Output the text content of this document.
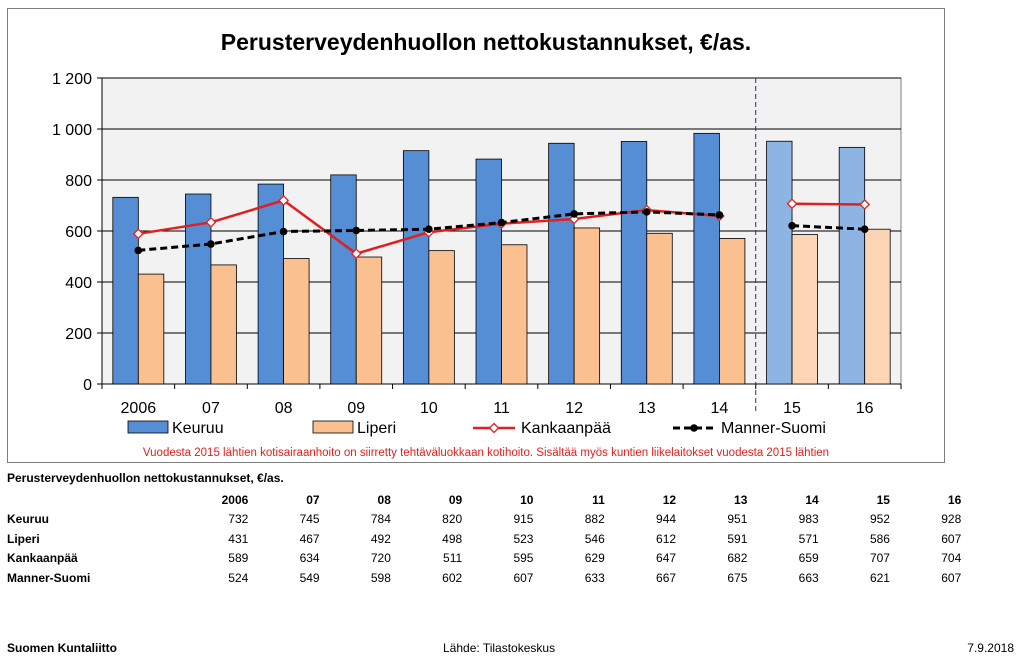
Perusterveydenhuollon nettokustannukset, €/as.
0
200
400
600
800
1 000
1 200
2006	07	08	09	10	11	12	13	14	15	16
Keuruu	Liperi	Kankaanpää	Manner-Suomi
Vuodesta 2015 lähtien kotisairaanhoito on siirretty tehtäväluokkaan kotihoito. Sisältää myös kuntien liikelaitokset vuodesta 2015 lähtien
Perusterveydenhuollon nettokustannukset, €/as.
	2006	07	08	09	10	11	12	13	14	15	16
Keuruu	732	745	784	820	915	882	944	951	983	952	928
Liperi	431	467	492	498	523	546	612	591	571	586	607
Kankaanpää	589	634	720	511	595	629	647	682	659	707	704
Manner-Suomi	524	549	598	602	607	633	667	675	663	621	607
Suomen Kuntaliitto	Lähde: Tilastokeskus	7.9.2018
